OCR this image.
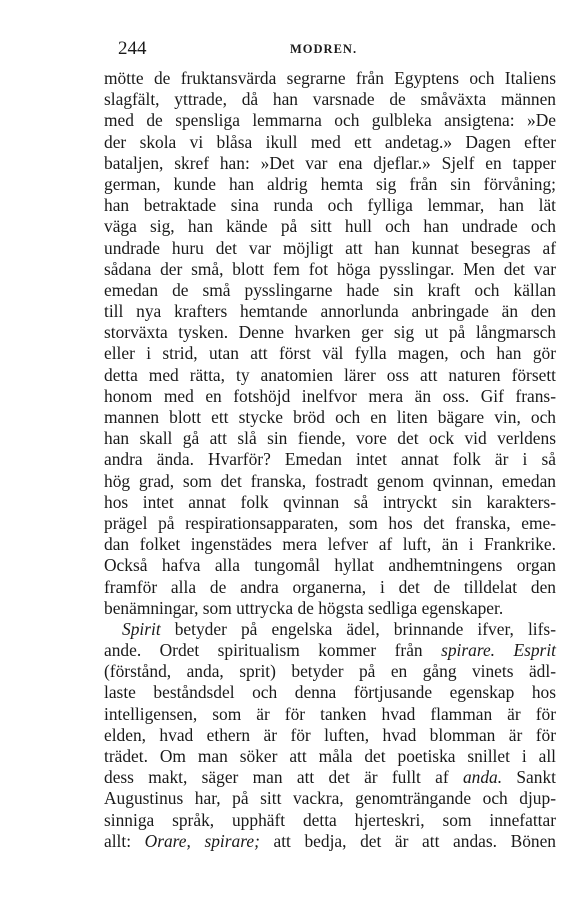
244	MODREN.
mötte de fruktansvärda segrarne från Egyptens och Italiens
slagfält, yttrade, då han varsnade de småväxta männen
med de spensliga lemmarna och gulbleka ansigtena: »De
der skola vi blåsa ikull med ett andetag.» Dagen efter
bataljen, skref han: »Det var ena djeflar.» Sjelf en tapper
german, kunde han aldrig hemta sig från sin förvåning;
han betraktade sina runda och fylliga lemmar, han lät
väga sig, han kände på sitt hull och han undrade och
undrade huru det var möjligt att han kunnat besegras af
sådana der små, blott fem fot höga pysslingar. Men det var
emedan de små pysslingarne hade sin kraft och källan
till nya krafters hemtande annorlunda anbringade än den
storväxta tysken. Denne hvarken ger sig ut på långmarsch
eller i strid, utan att först väl fylla magen, och han gör
detta med rätta, ty anatomien lärer oss att naturen försett
honom med en fotshöjd inelfvor mera än oss. Gif frans-
mannen blott ett stycke bröd och en liten bägare vin, och
han skall gå att slå sin fiende, vore det ock vid verldens
andra ända. Hvarför? Emedan intet annat folk är i så
hög grad, som det franska, fostradt genom qvinnan, emedan
hos intet annat folk qvinnan så intryckt sin karakters-
prägel på respirationsapparaten, som hos det franska, eme-
dan folket ingenstädes mera lefver af luft, än i Frankrike.
Också hafva alla tungomål hyllat andhemtningens organ
framför alla de andra organerna, i det de tilldelat den
benämningar, som uttrycka de högsta sedliga egenskaper.
Spirit betyder på engelska ädel, brinnande ifver, lifs-
ande. Ordet spiritualism kommer från spirare. Esprit
(förstånd, anda, sprit) betyder på en gång vinets ädl-
laste beståndsdel och denna förtjusande egenskap hos
intelligensen, som är för tanken hvad flamman är för
elden, hvad ethern är för luften, hvad blomman är för
trädet. Om man söker att måla det poetiska snillet i all
dess makt, säger man att det är fullt af anda. Sankt
Augustinus har, på sitt vackra, genomträngande och djup-
sinniga språk, upphäft detta hjerteskri, som innefattar
allt: Orare, spirare; att bedja, det är att andas. Bönen
